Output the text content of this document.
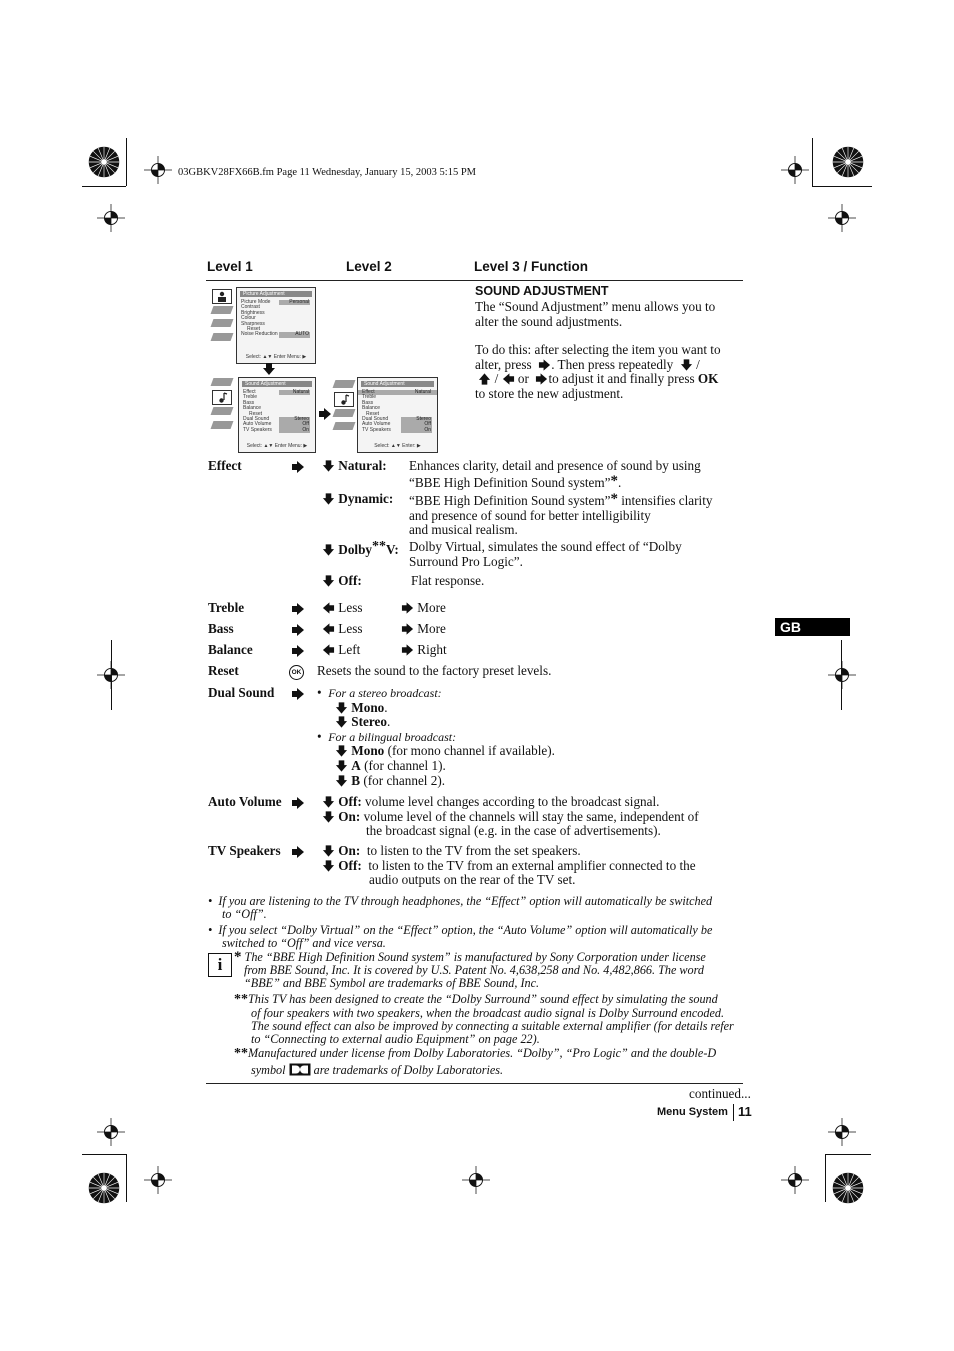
03GBKV28FX66B.fm Page 11 Wednesday, January 15, 2003 5:15 PM
Level 1	Level 2	Level 3 / Function
Picture Adjustment
Picture Mode	Personal
Contrast
Brightness
Colour
Sharpness
Reset
Noise Reduction	AUTO
Select: ▲▼ Enter Menu: ▶
Sound Adjustment
Effect	Natural
Treble
Bass
Balance
Reset
Dual Sound	Stereo
Auto Volume	Off
TV Speakers	On
Select: ▲▼ Enter Menu: ▶
Sound Adjustment
Effect	Natural
Treble
Bass
Balance
Reset
Dual Sound	Stereo
Auto Volume	Off
TV Speakers	On
Select: ▲▼ Enter: ▶
SOUND ADJUSTMENT
The “Sound Adjustment” menu allows you to
alter the sound adjustments.
To do this: after selecting the item you want to
alter, press . Then press repeatedly /
/ or to adjust it and finally press OK
to store the new adjustment.
Effect	Natural: Enhances clarity, detail and presence of sound by using
“BBE High Definition Sound system”*.
Dynamic: “BBE High Definition Sound system”* intensifies clarity
and presence of sound for better intelligibility
and musical realism.
Dolby**V: Dolby Virtual, simulates the sound effect of “Dolby
Surround Pro Logic”.
Off:	Flat response.
Treble	Less	More
Bass	Less	More
Balance	Left	Right
Reset	OK Resets the sound to the factory preset levels.
Dual Sound	•  For a stereo broadcast:
Mono.
Stereo.
•  For a bilingual broadcast:
Mono (for mono channel if available).
A (for channel 1).
B (for channel 2).
Auto Volume	Off: volume level changes according to the broadcast signal.
On: volume level of the channels will stay the same, independent of
the broadcast signal (e.g. in the case of advertisements).
TV Speakers	On: to listen to the TV from the set speakers.
Off: to listen to the TV from an external amplifier connected to the
audio outputs on the rear of the TV set.
•  If you are listening to the TV through headphones, the “Effect” option will automatically be switched
to “Off”.
•  If you select “Dolby Virtual” on the “Effect” option, the “Auto Volume” option will automatically be
switched to “Off” and vice versa.
i * The “BBE High Definition Sound system” is manufactured by Sony Corporation under license
from BBE Sound, Inc. It is covered by U.S. Patent No. 4,638,258 and No. 4,482,866. The word
“BBE” and BBE Symbol are trademarks of BBE Sound, Inc.
**This TV has been designed to create the “Dolby Surround” sound effect by simulating the sound
of four speakers with two speakers, when the broadcast audio signal is Dolby Surround encoded.
The sound effect can also be improved by connecting a suitable external amplifier (for details refer
to “Connecting to external audio Equipment” on page 22).
**Manufactured under license from Dolby Laboratories. “Dolby”, “Pro Logic” and the double-D
symbol are trademarks of Dolby Laboratories.
continued...
Menu System 11
GB
